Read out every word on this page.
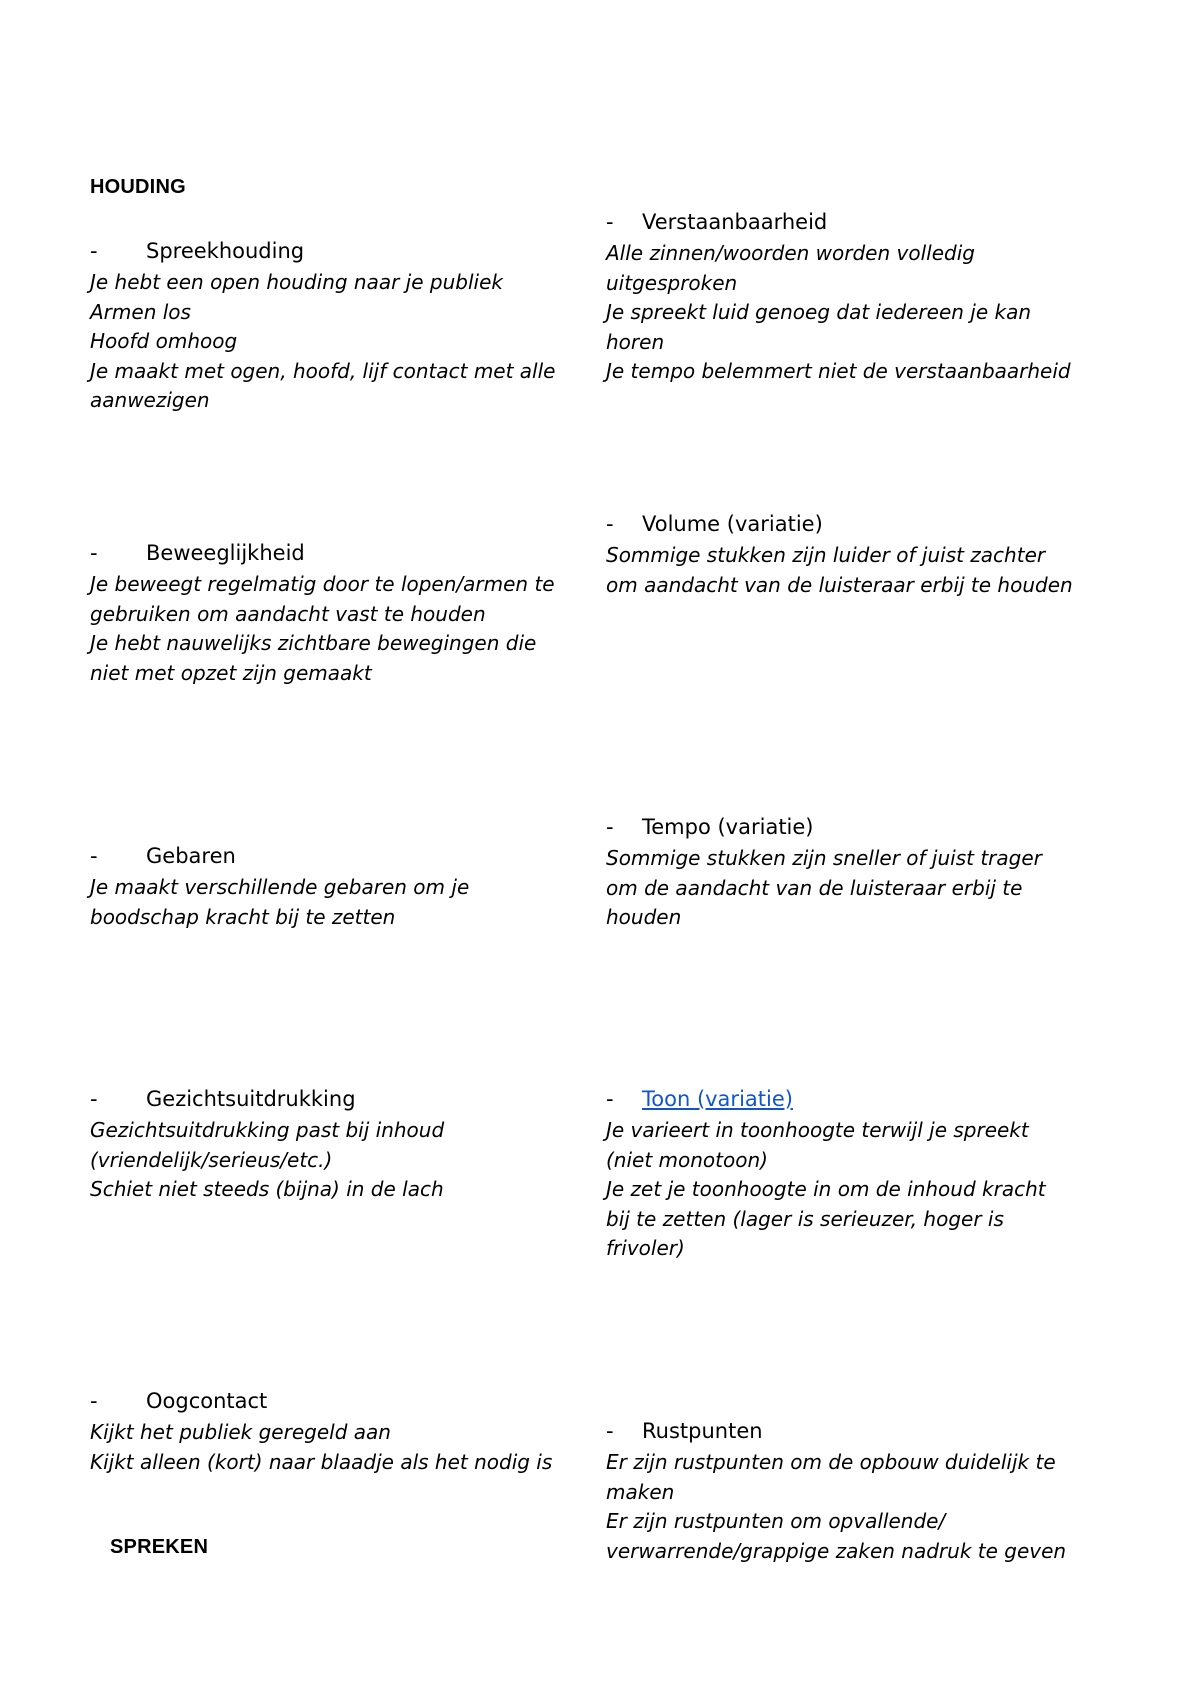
HOUDING
SPREKEN
-	Spreekhouding

Je hebt een open houding naar je publiek

Armen los

Hoofd omhoog

Je maakt met ogen, hoofd, lijf contact met alle

aanwezigen

-	Beweeglijkheid

Je beweegt regelmatig door te lopen/armen te

gebruiken om aandacht vast te houden

Je hebt nauwelijks zichtbare bewegingen die

niet met opzet zijn gemaakt

-	Gebaren

Je maakt verschillende gebaren om je

boodschap kracht bij te zetten

-	Gezichtsuitdrukking

Gezichtsuitdrukking past bij inhoud

(vriendelijk/serieus/etc.)

Schiet niet steeds (bijna) in de lach

-	Oogcontact

Kijkt het publiek geregeld aan

Kijkt alleen (kort) naar blaadje als het nodig is

-	Verstaanbaarheid

Alle zinnen/woorden worden volledig

uitgesproken

Je spreekt luid genoeg dat iedereen je kan

horen

Je tempo belemmert niet de verstaanbaarheid

-	Volume (variatie)

Sommige stukken zijn luider of juist zachter

om aandacht van de luisteraar erbij te houden

-	Tempo (variatie)

Sommige stukken zijn sneller of juist trager

om de aandacht van de luisteraar erbij te

houden

-	Toon (variatie)

Je varieert in toonhoogte terwijl je spreekt

(niet monotoon)

Je zet je toonhoogte in om de inhoud kracht

bij te zetten (lager is serieuzer, hoger is

frivoler)

-	Rustpunten

Er zijn rustpunten om de opbouw duidelijk te

maken

Er zijn rustpunten om opvallende/

verwarrende/grappige zaken nadruk te geven
